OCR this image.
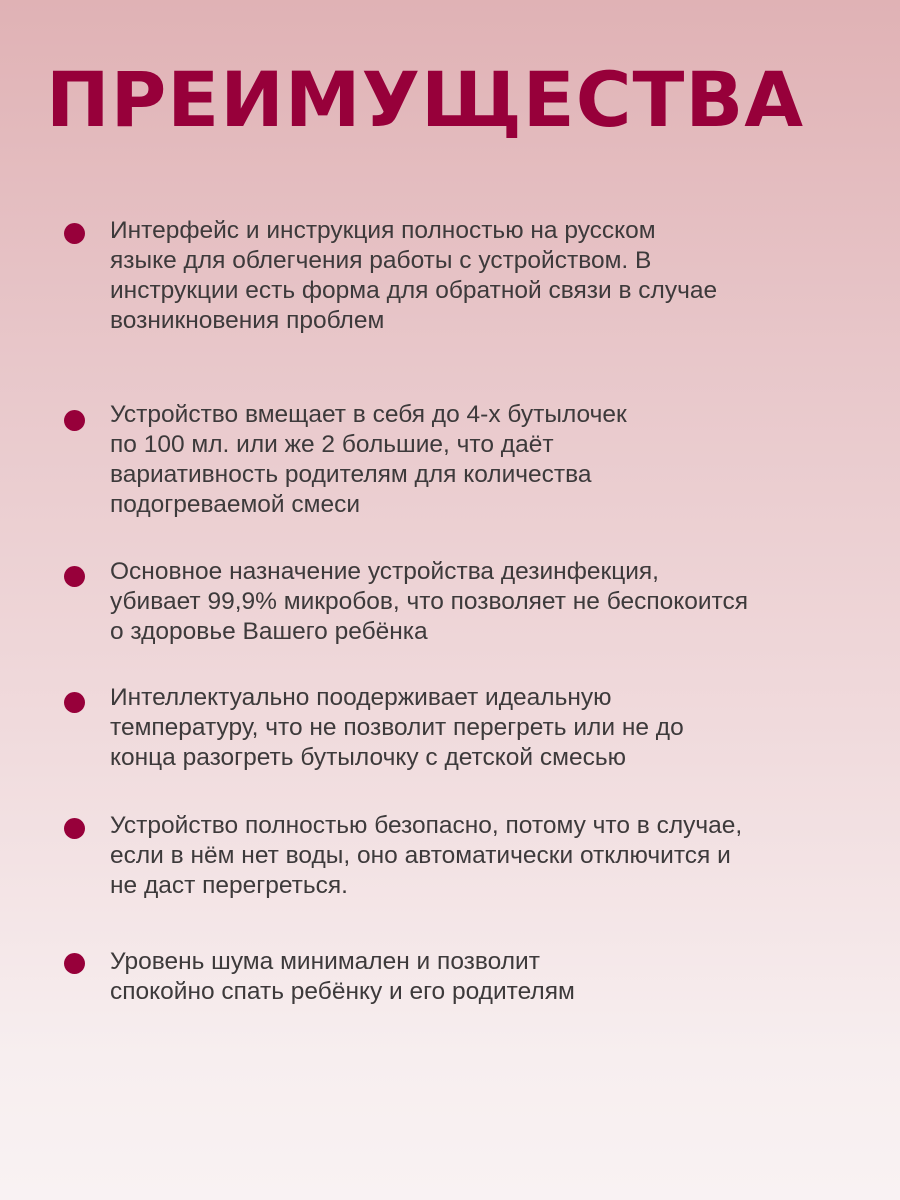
ПРЕИМУЩЕСТВА

Интерфейс и инструкция полностью на русском
языке для облегчения работы с устройством. В
инструкции есть форма для обратной связи в случае
возникновения проблем

Устройство вмещает в себя до 4-х бутылочек
по 100 мл. или же 2 большие, что даёт
вариативность родителям для количества
подогреваемой смеси

Основное назначение устройства дезинфекция,
убивает 99,9% микробов, что позволяет не беспокоится
о здоровье Вашего ребёнка

Интеллектуально поодерживает идеальную
температуру, что не позволит перегреть или не до
конца разогреть бутылочку с детской смесью

Устройство полностью безопасно, потому что в случае,
если в нём нет воды, оно автоматически отключится и
не даст перегреться.

Уровень шума минимален и позволит
спокойно спать ребёнку и его родителям
